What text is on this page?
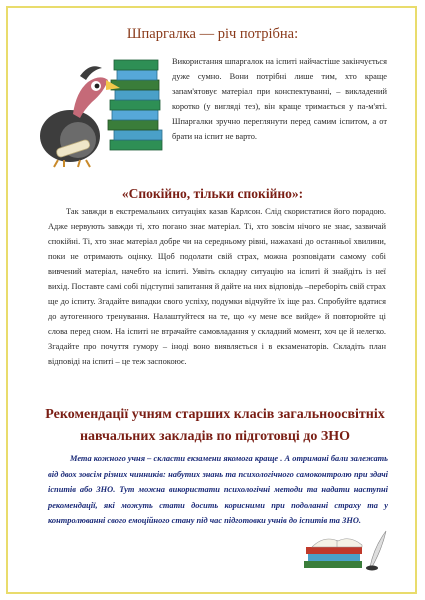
Шпаргалка — річ потрібна:
Використання шпаргалок на іспиті найчастіше закінчується дуже сумно. Вони потрібні лише тим, хто краще запам'ятовує матеріал при конспектуванні, – викладений коротко (у вигляді тез), він краще тримається у па-м'яті. Шпаргалки зручно переглянути перед самим іспитом, а от брати на іспит не варто.
«Спокійно, тільки спокійно»:

Так завжди в екстремальних ситуаціях казав Карлсон. Слід скористатися його порадою. Адже нервують завжди ті, хто погано знає матеріал. Ті, хто зовсім нічого не знає, зазвичай спокійні. Ті, хто знає матеріал добре чи на середньому рівні, нажахані до останньої хвилини, поки не отримають оцінку. Щоб подолати свій страх, можна розповідати самому собі вивчений матеріал, начебто на іспиті. Уявіть складну ситуацію на іспиті й знайдіть із неї вихід. Поставте самі собі підступні запитання й дайте на них відповідь –переборіть свій страх ще до іспиту. Згадайте випадки свого успіху, подумки відчуйте їх іще раз. Спробуйте вдатися до аутогенного тренування. Налаштуйтеся на те, що «у мене все вийде» й повторюйте ці слова перед сном. На іспиті не втрачайте самовладання у складний момент, хоч це й нелегко. Згадайте про почуття гумору – іноді воно виявляється і в екзаменаторів. Складіть план відповіді на іспиті – це теж заспокоює.

Рекомендації учням старших класів загальноосвітніх навчальних закладів по підготовці до ЗНО

Мета кожного учня – скласти екзамени якомога краще . А отримані бали залежать від двох зовсім різних чинників: набутих знань та психологічного самоконтролю при здачі іспитів або ЗНО. Тут можна використати психологічні методи та надати наступні рекомендації, які можуть стати досить корисними при подоланні страху та у контролюванні свого емоційного стану під час підготовки учнів до іспитів та ЗНО.
